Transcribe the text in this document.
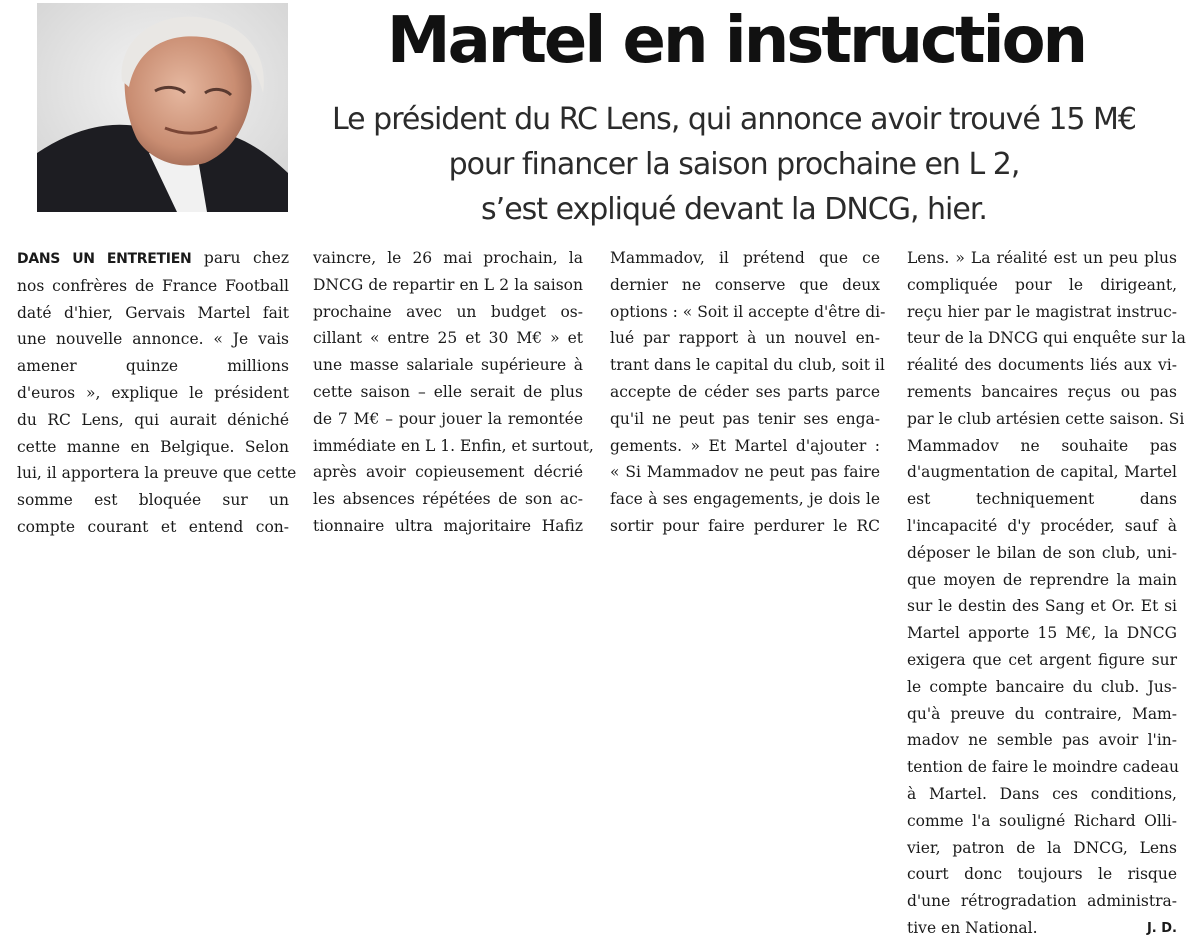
Martel en instruction
Le président du RC Lens, qui annonce avoir trouvé 15 M€
pour financer la saison prochaine en L 2,
s’est expliqué devant la DNCG, hier.
DANS UN ENTRETIEN paru chez
nos confrères de France Football
daté d'hier, Gervais Martel fait
une nouvelle annonce. « Je vais
amener quinze millions
d'euros », explique le président
du RC Lens, qui aurait déniché
cette manne en Belgique. Selon
lui, il apportera la preuve que cette
somme est bloquée sur un
compte courant et entend con-
vaincre, le 26 mai prochain, la
DNCG de repartir en L 2 la saison
prochaine avec un budget os-
cillant « entre 25 et 30 M€ » et
une masse salariale supérieure à
cette saison – elle serait de plus
de 7 M€ – pour jouer la remontée
immédiate en L 1. Enfin, et surtout,
après avoir copieusement décrié
les absences répétées de son ac-
tionnaire ultra majoritaire Hafiz
Mammadov, il prétend que ce
dernier ne conserve que deux
options : « Soit il accepte d'être di-
lué par rapport à un nouvel en-
trant dans le capital du club, soit il
accepte de céder ses parts parce
qu'il ne peut pas tenir ses enga-
gements. » Et Martel d'ajouter :
« Si Mammadov ne peut pas faire
face à ses engagements, je dois le
sortir pour faire perdurer le RC
Lens. » La réalité est un peu plus
compliquée pour le dirigeant,
reçu hier par le magistrat instruc-
teur de la DNCG qui enquête sur la
réalité des documents liés aux vi-
rements bancaires reçus ou pas
par le club artésien cette saison. Si
Mammadov ne souhaite pas
d'augmentation de capital, Martel
est techniquement dans
l'incapacité d'y procéder, sauf à
déposer le bilan de son club, uni-
que moyen de reprendre la main
sur le destin des Sang et Or. Et si
Martel apporte 15 M€, la DNCG
exigera que cet argent figure sur
le compte bancaire du club. Jus-
qu'à preuve du contraire, Mam-
madov ne semble pas avoir l'in-
tention de faire le moindre cadeau
à Martel. Dans ces conditions,
comme l'a souligné Richard Olli-
vier, patron de la DNCG, Lens
court donc toujours le risque
d'une rétrogradation administra-
tive en National.	J. D.
